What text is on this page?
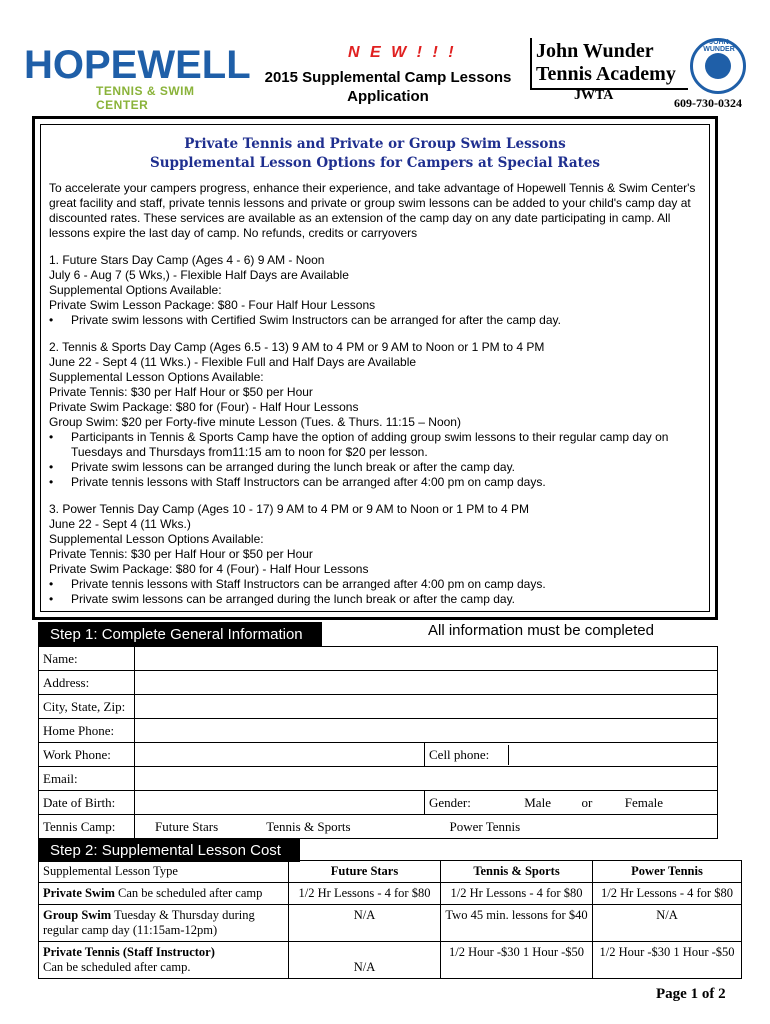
HOPEWELL
TENNIS & SWIM CENTER
N E W ! ! !
2015 Supplemental Camp Lessons
Application
John Wunder
Tennis Academy
JWTA	609-730-0324
JOHN WUNDER
Private Tennis and Private or Group Swim Lessons
Supplemental Lesson Options for Campers at Special Rates
To accelerate your campers progress, enhance their experience, and take advantage of Hopewell Tennis & Swim Center's great facility and staff, private tennis lessons and private or group swim lessons can be added to your child's camp day at discounted rates. These services are available as an extension of the camp day on any date participating in camp. All lessons expire the last day of camp. No refunds, credits or carryovers
1. Future Stars Day Camp (Ages 4 - 6) 9 AM - Noon
July 6 - Aug 7 (5 Wks,) - Flexible Half Days are Available
Supplemental Options Available:
Private Swim Lesson Package: $80 - Four Half Hour Lessons
• Private swim lessons with Certified Swim Instructors can be arranged for after the camp day.
2. Tennis & Sports Day Camp (Ages 6.5 - 13) 9 AM to 4 PM or 9 AM to Noon or 1 PM to 4 PM
June 22 - Sept 4 (11 Wks.) - Flexible Full and Half Days are Available
Supplemental Lesson Options Available:
Private Tennis: $30 per Half Hour or $50 per Hour
Private Swim Package: $80 for (Four) - Half Hour Lessons
Group Swim: $20 per Forty-five minute Lesson (Tues. & Thurs. 11:15 – Noon)
• Participants in Tennis & Sports Camp have the option of adding group swim lessons to their regular camp day on Tuesdays and Thursdays from11:15 am to noon for $20 per lesson.
• Private swim lessons can be arranged during the lunch break or after the camp day.
• Private tennis lessons with Staff Instructors can be arranged after 4:00 pm on camp days.
3. Power Tennis Day Camp (Ages 10 - 17) 9 AM to 4 PM or 9 AM to Noon or 1 PM to 4 PM
June 22 - Sept 4 (11 Wks.)
Supplemental Lesson Options Available:
Private Tennis: $30 per Half Hour or $50 per Hour
Private Swim Package: $80 for 4 (Four) - Half Hour Lessons
• Private tennis lessons with Staff Instructors can be arranged after 4:00 pm on camp days.
• Private swim lessons can be arranged during the lunch break or after the camp day.
Step 1: Complete General Information	All information must be completed
Name:		
Address:		
City, State, Zip:		
Home Phone:		
Work Phone:		Cell phone:
Email:		
Date of Birth:		Gender: Male or Female
Tennis Camp:	Future Stars Tennis & Sports Power Tennis	
Step 2: Supplemental Lesson Cost
Supplemental Lesson Type	Future Stars	Tennis & Sports	Power Tennis
Private Swim Can be scheduled after camp	1/2 Hr Lessons - 4 for $80	1/2 Hr Lessons - 4 for $80	1/2 Hr Lessons - 4 for $80
Group Swim Tuesday & Thursday during regular camp day (11:15am-12pm)	N/A	Two 45 min. lessons for $40	N/A

Private Tennis (Staff Instructor)
Can be scheduled after camp.	N/A	1/2 Hour -$30 1 Hour -$50	1/2 Hour -$30 1 Hour -$50
Page 1 of 2
